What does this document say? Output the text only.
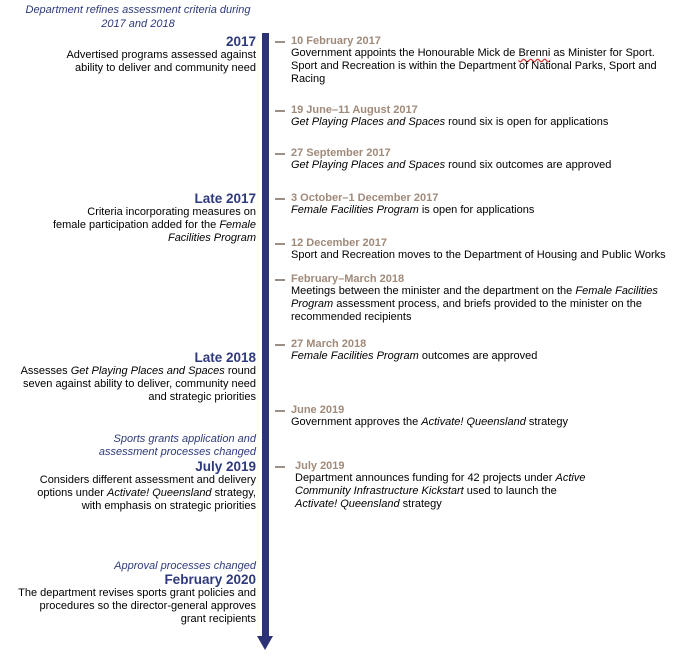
Department refines assessment criteria during
2017 and 2018
2017
Advertised programs assessed against
ability to deliver and community need
Late 2017
Criteria incorporating measures on
female participation added for the Female
Facilities Program
Late 2018
Assesses Get Playing Places and Spaces round
seven against ability to deliver, community need
and strategic priorities
Sports grants application and
assessment processes changed
July 2019
Considers different assessment and delivery
options under Activate! Queensland strategy,
with emphasis on strategic priorities
Approval processes changed
February 2020
The department revises sports grant policies and
procedures so the director-general approves
grant recipients
10 February 2017
Government appoints the Honourable Mick de Brenni as Minister for Sport.
Sport and Recreation is within the Department of National Parks, Sport and
Racing
19 June–11 August 2017
Get Playing Places and Spaces round six is open for applications
27 September 2017
Get Playing Places and Spaces round six outcomes are approved
3 October–1 December 2017
Female Facilities Program is open for applications
12 December 2017
Sport and Recreation moves to the Department of Housing and Public Works
February–March 2018
Meetings between the minister and the department on the Female Facilities
Program assessment process, and briefs provided to the minister on the
recommended recipients
27 March 2018
Female Facilities Program outcomes are approved
June 2019
Government approves the Activate! Queensland strategy
July 2019
Department announces funding for 42 projects under Active
Community Infrastructure Kickstart used to launch the
Activate! Queensland strategy
